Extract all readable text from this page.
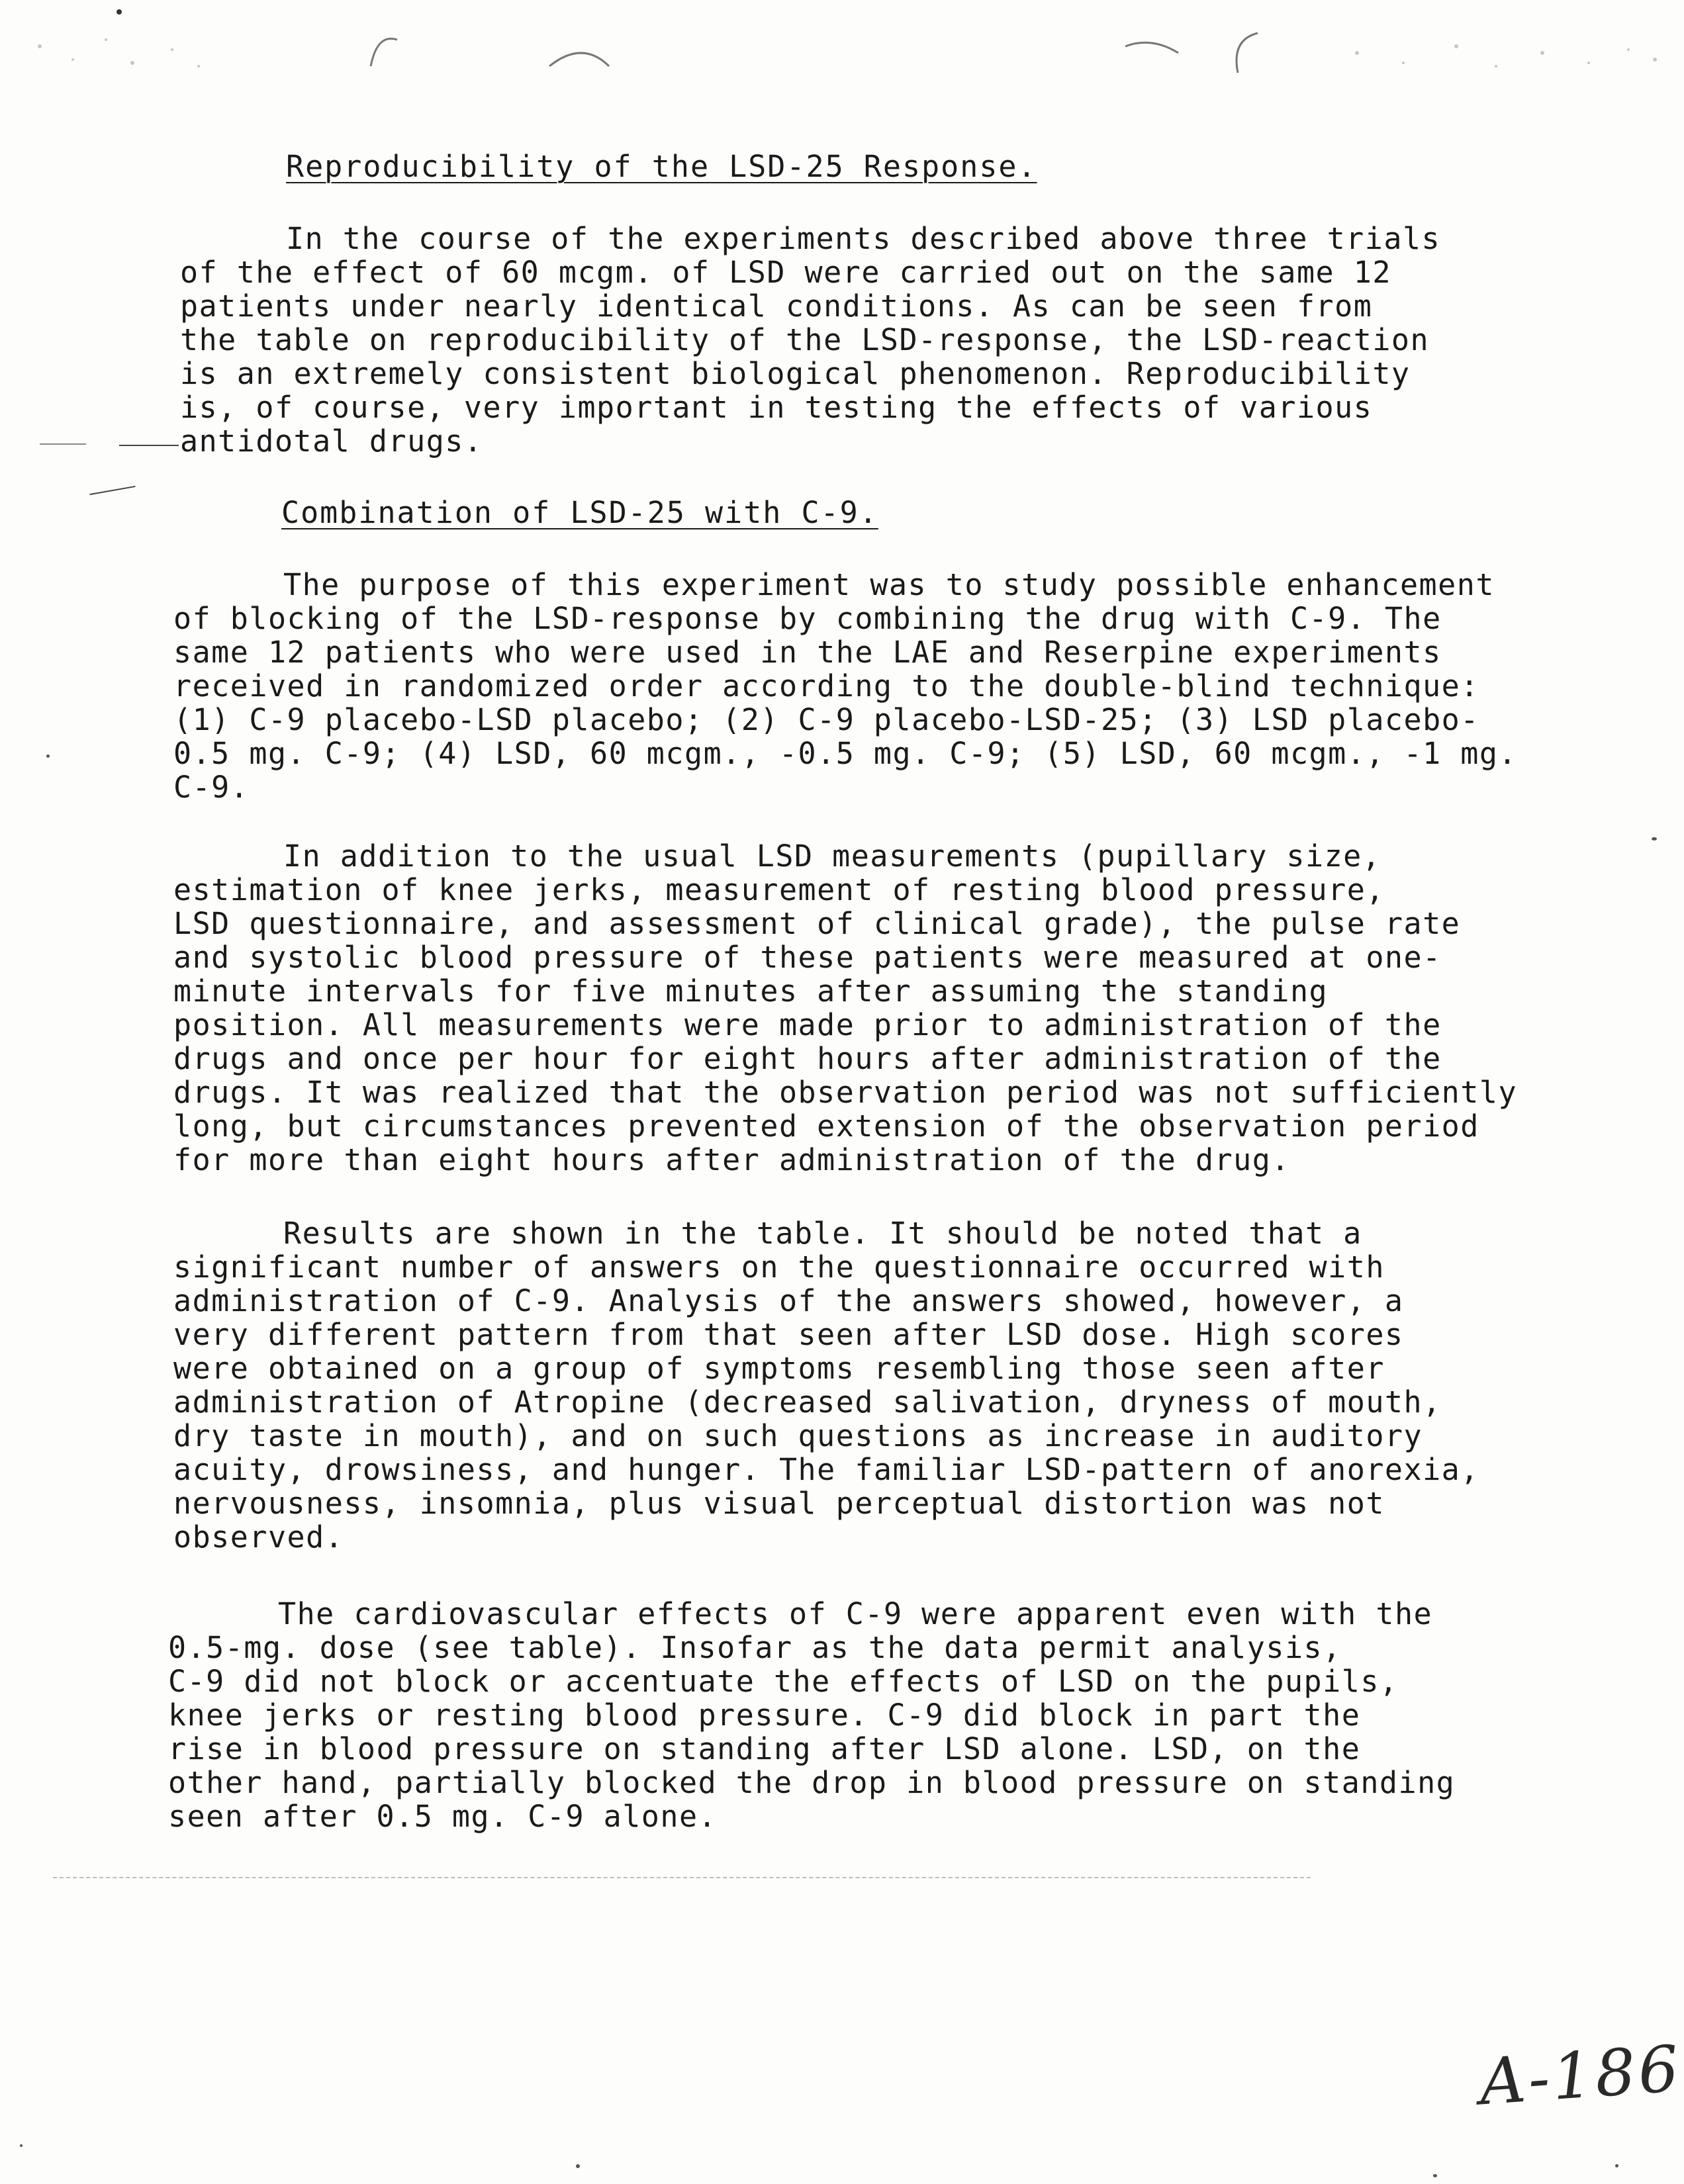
Reproducibility of the LSD-25 Response.
In the course of the experiments described above three trials
of the effect of 60 mcgm. of LSD were carried out on the same 12
patients under nearly identical conditions. As can be seen from
the table on reproducibility of the LSD-response, the LSD-reaction
is an extremely consistent biological phenomenon. Reproducibility
is, of course, very important in testing the effects of various
antidotal drugs.
Combination of LSD-25 with C-9.
The purpose of this experiment was to study possible enhancement
of blocking of the LSD-response by combining the drug with C-9. The
same 12 patients who were used in the LAE and Reserpine experiments
received in randomized order according to the double-blind technique:
(1) C-9 placebo-LSD placebo; (2) C-9 placebo-LSD-25; (3) LSD placebo-
0.5 mg. C-9; (4) LSD, 60 mcgm., -0.5 mg. C-9; (5) LSD, 60 mcgm., -1 mg.
C-9.
In addition to the usual LSD measurements (pupillary size,
estimation of knee jerks, measurement of resting blood pressure,
LSD questionnaire, and assessment of clinical grade), the pulse rate
and systolic blood pressure of these patients were measured at one-
minute intervals for five minutes after assuming the standing
position. All measurements were made prior to administration of the
drugs and once per hour for eight hours after administration of the
drugs. It was realized that the observation period was not sufficiently
long, but circumstances prevented extension of the observation period
for more than eight hours after administration of the drug.
Results are shown in the table. It should be noted that a
significant number of answers on the questionnaire occurred with
administration of C-9. Analysis of the answers showed, however, a
very different pattern from that seen after LSD dose. High scores
were obtained on a group of symptoms resembling those seen after
administration of Atropine (decreased salivation, dryness of mouth,
dry taste in mouth), and on such questions as increase in auditory
acuity, drowsiness, and hunger. The familiar LSD-pattern of anorexia,
nervousness, insomnia, plus visual perceptual distortion was not
observed.
The cardiovascular effects of C-9 were apparent even with the
0.5-mg. dose (see table). Insofar as the data permit analysis,
C-9 did not block or accentuate the effects of LSD on the pupils,
knee jerks or resting blood pressure. C-9 did block in part the
rise in blood pressure on standing after LSD alone. LSD, on the
other hand, partially blocked the drop in blood pressure on standing
seen after 0.5 mg. C-9 alone.
A-186
